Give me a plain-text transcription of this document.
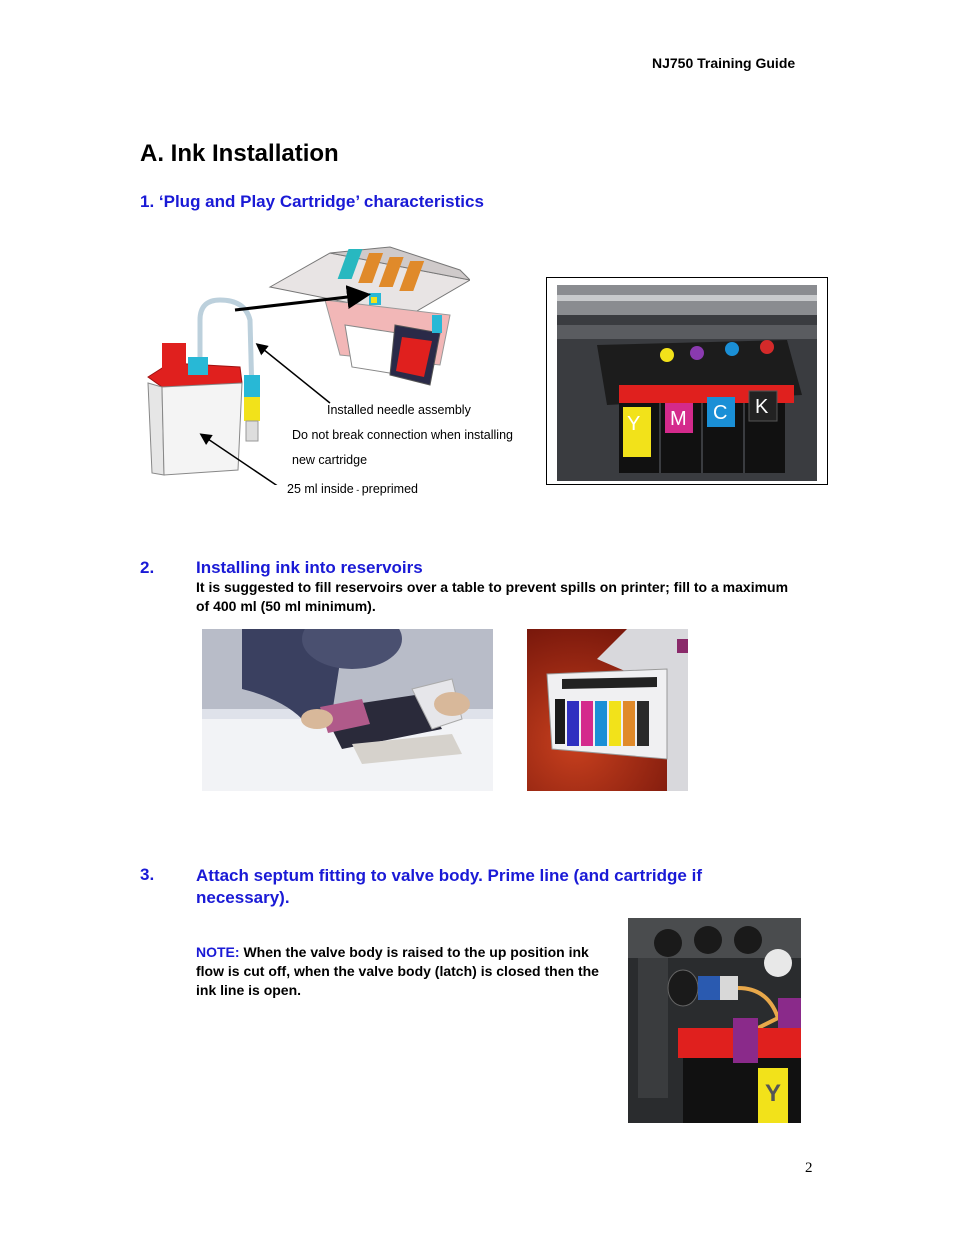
NJ750 Training Guide
A. Ink Installation
1. ‘Plug and Play Cartridge’ characteristics
Installed needle assembly
Do not break connection when installing
new cartridge
25 ml inside - preprimed
Y M C K
2. Installing ink into reservoirs
It is suggested to fill reservoirs over a table to prevent spills on printer; fill to a maximum of 400 ml (50 ml minimum).
3. Attach septum fitting to valve body. Prime line (and cartridge if necessary).
NOTE: When the valve body is raised to the up position ink flow is cut off, when the valve body (latch) is closed then the ink line is open.
Y
2
